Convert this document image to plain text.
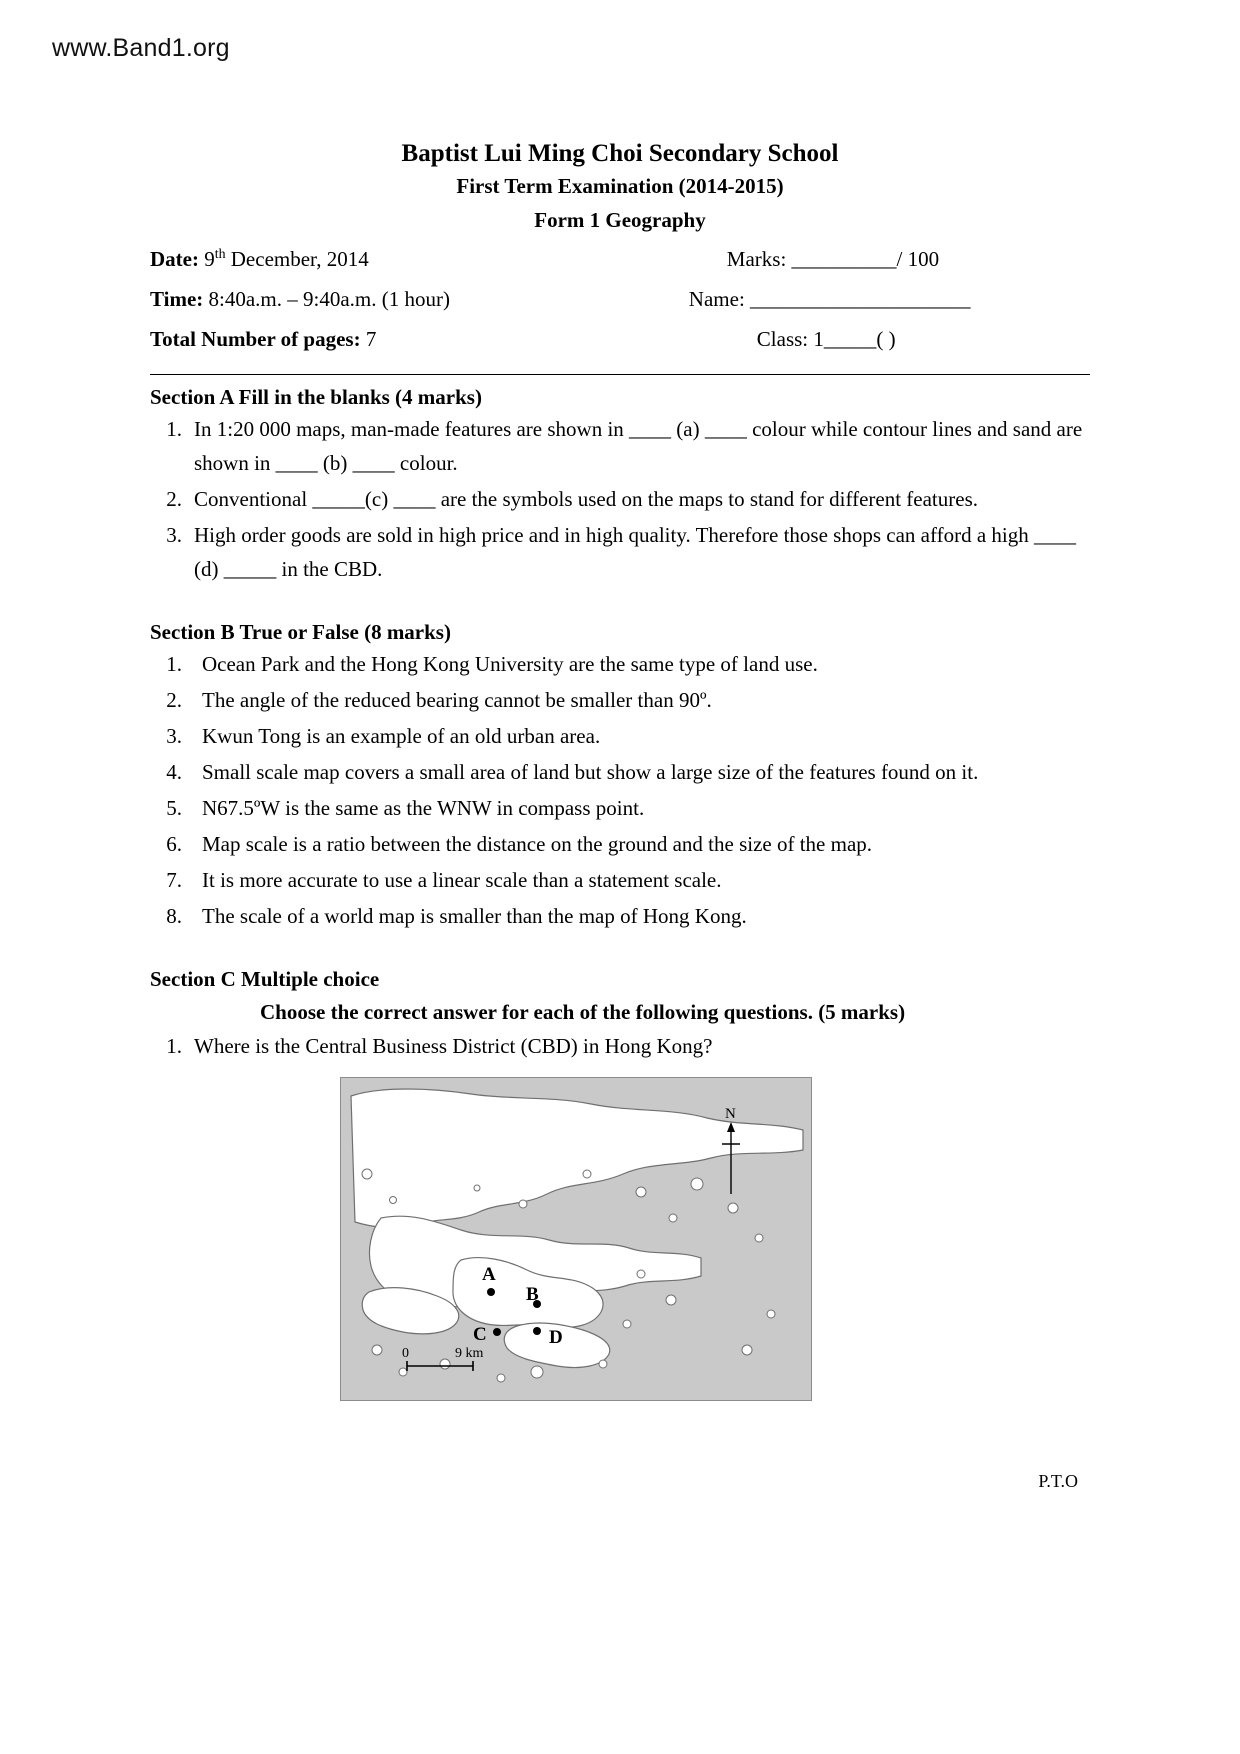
www.Band1.org
Baptist Lui Ming Choi Secondary School
First Term Examination (2014-2015)
Form 1 Geography
Date: 9th December, 2014	Marks: __________/ 100
Time: 8:40a.m. – 9:40a.m. (1 hour)	Name: _____________________
Total Number of pages: 7	Class: 1_____( )
Section A Fill in the blanks (4 marks)
1. In 1:20 000 maps, man-made features are shown in ____ (a) ____ colour while contour lines and sand are shown in ____ (b) ____ colour.
2. Conventional _____(c) ____ are the symbols used on the maps to stand for different features.
3. High order goods are sold in high price and in high quality. Therefore those shops can afford a high ____ (d) _____ in the CBD.
Section B True or False (8 marks)
1. Ocean Park and the Hong Kong University are the same type of land use.
2. The angle of the reduced bearing cannot be smaller than 90º.
3. Kwun Tong is an example of an old urban area.
4. Small scale map covers a small area of land but show a large size of the features found on it.
5. N67.5ºW is the same as the WNW in compass point.
6. Map scale is a ratio between the distance on the ground and the size of the map.
7. It is more accurate to use a linear scale than a statement scale.
8. The scale of a world map is smaller than the map of Hong Kong.
Section C Multiple choice
Choose the correct answer for each of the following questions. (5 marks)
1. Where is the Central Business District (CBD) in Hong Kong?
A
B
C	D
N
0	9 km
P.T.O
